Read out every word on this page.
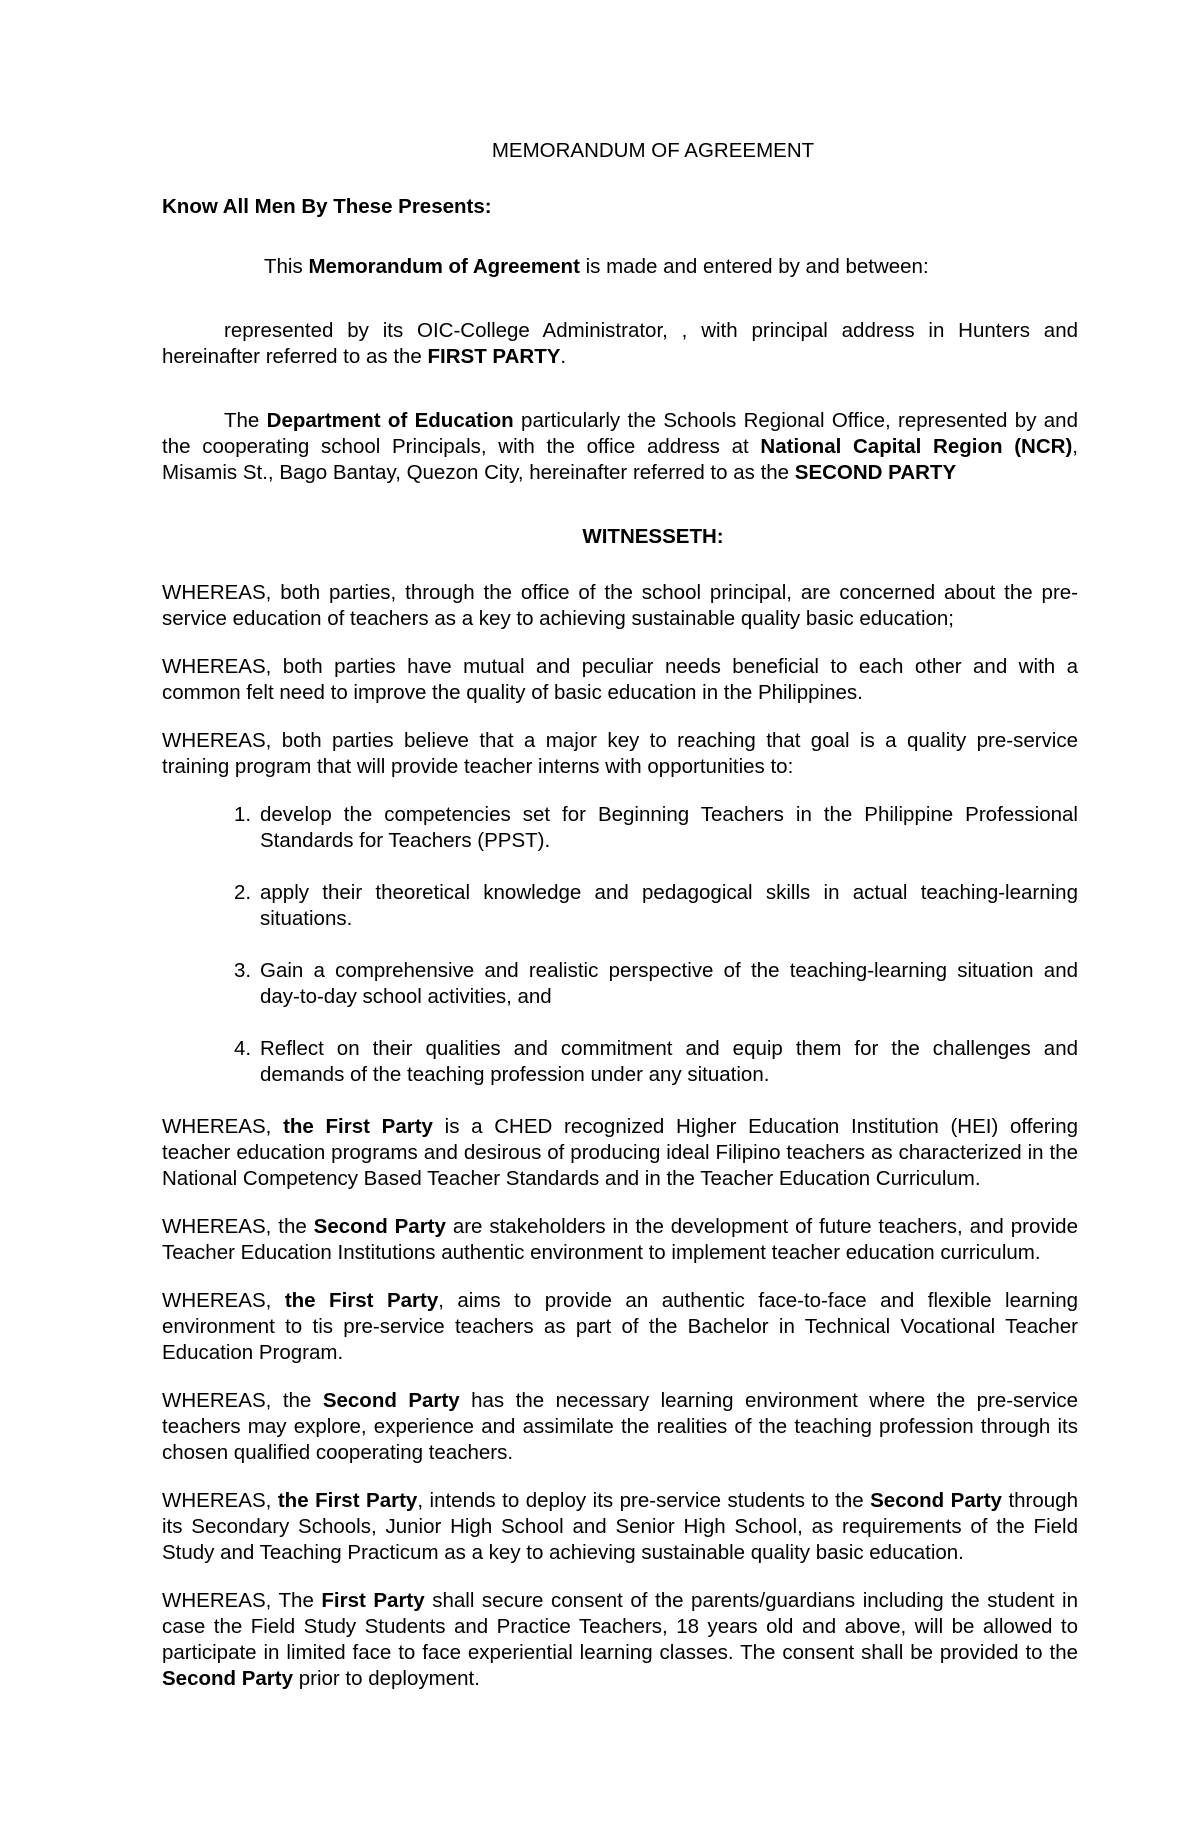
MEMORANDUM OF AGREEMENT
Know All Men By These Presents:
This Memorandum of Agreement is made and entered by and between:
represented by its OIC-College Administrator, , with principal address in Hunters and hereinafter referred to as the FIRST PARTY.
The Department of Education particularly the Schools Regional Office, represented by and the cooperating school Principals, with the office address at National Capital Region (NCR), Misamis St., Bago Bantay, Quezon City, hereinafter referred to as the SECOND PARTY
WITNESSETH:
WHEREAS, both parties, through the office of the school principal, are concerned about the pre-service education of teachers as a key to achieving sustainable quality basic education;
WHEREAS, both parties have mutual and peculiar needs beneficial to each other and with a common felt need to improve the quality of basic education in the Philippines.
WHEREAS, both parties believe that a major key to reaching that goal is a quality pre-service training program that will provide teacher interns with opportunities to:
1. develop the competencies set for Beginning Teachers in the Philippine Professional Standards for Teachers (PPST).
2. apply their theoretical knowledge and pedagogical skills in actual teaching-learning situations.
3. Gain a comprehensive and realistic perspective of the teaching-learning situation and day-to-day school activities, and
4. Reflect on their qualities and commitment and equip them for the challenges and demands of the teaching profession under any situation.
WHEREAS, the First Party is a CHED recognized Higher Education Institution (HEI) offering teacher education programs and desirous of producing ideal Filipino teachers as characterized in the National Competency Based Teacher Standards and in the Teacher Education Curriculum.
WHEREAS, the Second Party are stakeholders in the development of future teachers, and provide Teacher Education Institutions authentic environment to implement teacher education curriculum.
WHEREAS, the First Party, aims to provide an authentic face-to-face and flexible learning environment to tis pre-service teachers as part of the Bachelor in Technical Vocational Teacher Education Program.
WHEREAS, the Second Party has the necessary learning environment where the pre-service teachers may explore, experience and assimilate the realities of the teaching profession through its chosen qualified cooperating teachers.
WHEREAS, the First Party, intends to deploy its pre-service students to the Second Party through its Secondary Schools, Junior High School and Senior High School, as requirements of the Field Study and Teaching Practicum as a key to achieving sustainable quality basic education.
WHEREAS, The First Party shall secure consent of the parents/guardians including the student in case the Field Study Students and Practice Teachers, 18 years old and above, will be allowed to participate in limited face to face experiential learning classes. The consent shall be provided to the Second Party prior to deployment.
